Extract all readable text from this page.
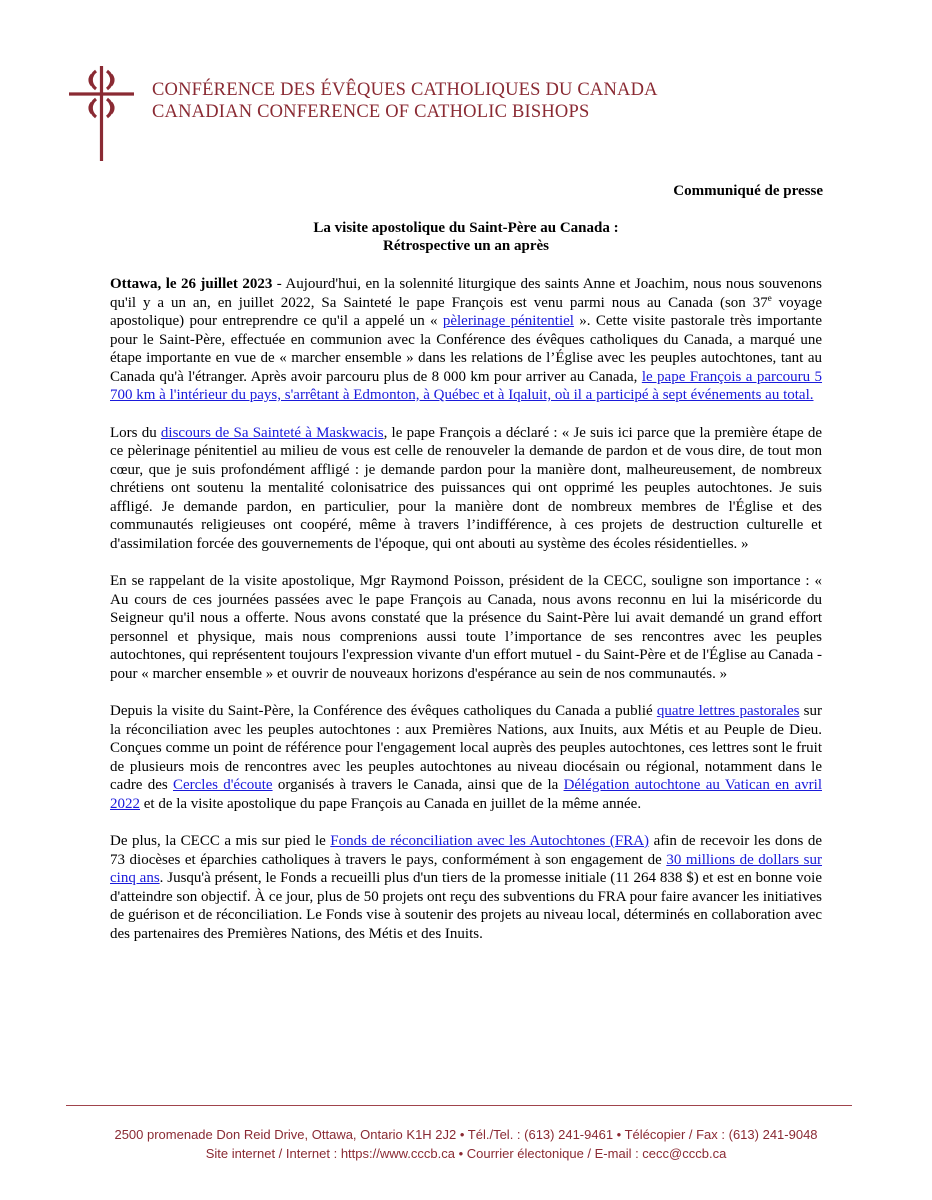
CONFÉRENCE DES ÉVÊQUES CATHOLIQUES DU CANADA
CANADIAN CONFERENCE OF CATHOLIC BISHOPS
Communiqué de presse
La visite apostolique du Saint-Père au Canada :
Rétrospective un an après

Ottawa, le 26 juillet 2023 - Aujourd'hui, en la solennité liturgique des saints Anne et Joachim, nous nous souvenons qu'il y a un an, en juillet 2022, Sa Sainteté le pape François est venu parmi nous au Canada (son 37e voyage apostolique) pour entreprendre ce qu'il a appelé un « pèlerinage pénitentiel ». Cette visite pastorale très importante pour le Saint-Père, effectuée en communion avec la Conférence des évêques catholiques du Canada, a marqué une étape importante en vue de « marcher ensemble » dans les relations de l’Église avec les peuples autochtones, tant au Canada qu'à l'étranger. Après avoir parcouru plus de 8 000 km pour arriver au Canada, le pape François a parcouru 5 700 km à l'intérieur du pays, s'arrêtant à Edmonton, à Québec et à Iqaluit, où il a participé à sept événements au total.

Lors du discours de Sa Sainteté à Maskwacis, le pape François a déclaré : « Je suis ici parce que la première étape de ce pèlerinage pénitentiel au milieu de vous est celle de renouveler la demande de pardon et de vous dire, de tout mon cœur, que je suis profondément affligé : je demande pardon pour la manière dont, malheureusement, de nombreux chrétiens ont soutenu la mentalité colonisatrice des puissances qui ont opprimé les peuples autochtones. Je suis affligé. Je demande pardon, en particulier, pour la manière dont de nombreux membres de l'Église et des communautés religieuses ont coopéré, même à travers l’indifférence, à ces projets de destruction culturelle et d'assimilation forcée des gouvernements de l'époque, qui ont abouti au système des écoles résidentielles. »

En se rappelant de la visite apostolique, Mgr Raymond Poisson, président de la CECC, souligne son importance : « Au cours de ces journées passées avec le pape François au Canada, nous avons reconnu en lui la miséricorde du Seigneur qu'il nous a offerte. Nous avons constaté que la présence du Saint-Père lui avait demandé un grand effort personnel et physique, mais nous comprenions aussi toute l’importance de ses rencontres avec les peuples autochtones, qui représentent toujours l'expression vivante d'un effort mutuel - du Saint-Père et de l'Église au Canada - pour « marcher ensemble » et ouvrir de nouveaux horizons d'espérance au sein de nos communautés. »

Depuis la visite du Saint-Père, la Conférence des évêques catholiques du Canada a publié quatre lettres pastorales sur la réconciliation avec les peuples autochtones : aux Premières Nations, aux Inuits, aux Métis et au Peuple de Dieu. Conçues comme un point de référence pour l'engagement local auprès des peuples autochtones, ces lettres sont le fruit de plusieurs mois de rencontres avec les peuples autochtones au niveau diocésain ou régional, notamment dans le cadre des Cercles d'écoute organisés à travers le Canada, ainsi que de la Délégation autochtone au Vatican en avril 2022 et de la visite apostolique du pape François au Canada en juillet de la même année.

De plus, la CECC a mis sur pied le Fonds de réconciliation avec les Autochtones (FRA) afin de recevoir les dons de 73 diocèses et éparchies catholiques à travers le pays, conformément à son engagement de 30 millions de dollars sur cinq ans. Jusqu'à présent, le Fonds a recueilli plus d'un tiers de la promesse initiale (11 264 838 $) et est en bonne voie d'atteindre son objectif. À ce jour, plus de 50 projets ont reçu des subventions du FRA pour faire avancer les initiatives de guérison et de réconciliation. Le Fonds vise à soutenir des projets au niveau local, déterminés en collaboration avec des partenaires des Premières Nations, des Métis et des Inuits.

2500 promenade Don Reid Drive, Ottawa, Ontario K1H 2J2 • Tél./Tel. : (613) 241-9461 • Télécopier / Fax : (613) 241-9048
Site internet / Internet : https://www.cccb.ca • Courrier électonique / E-mail : cecc@cccb.ca
